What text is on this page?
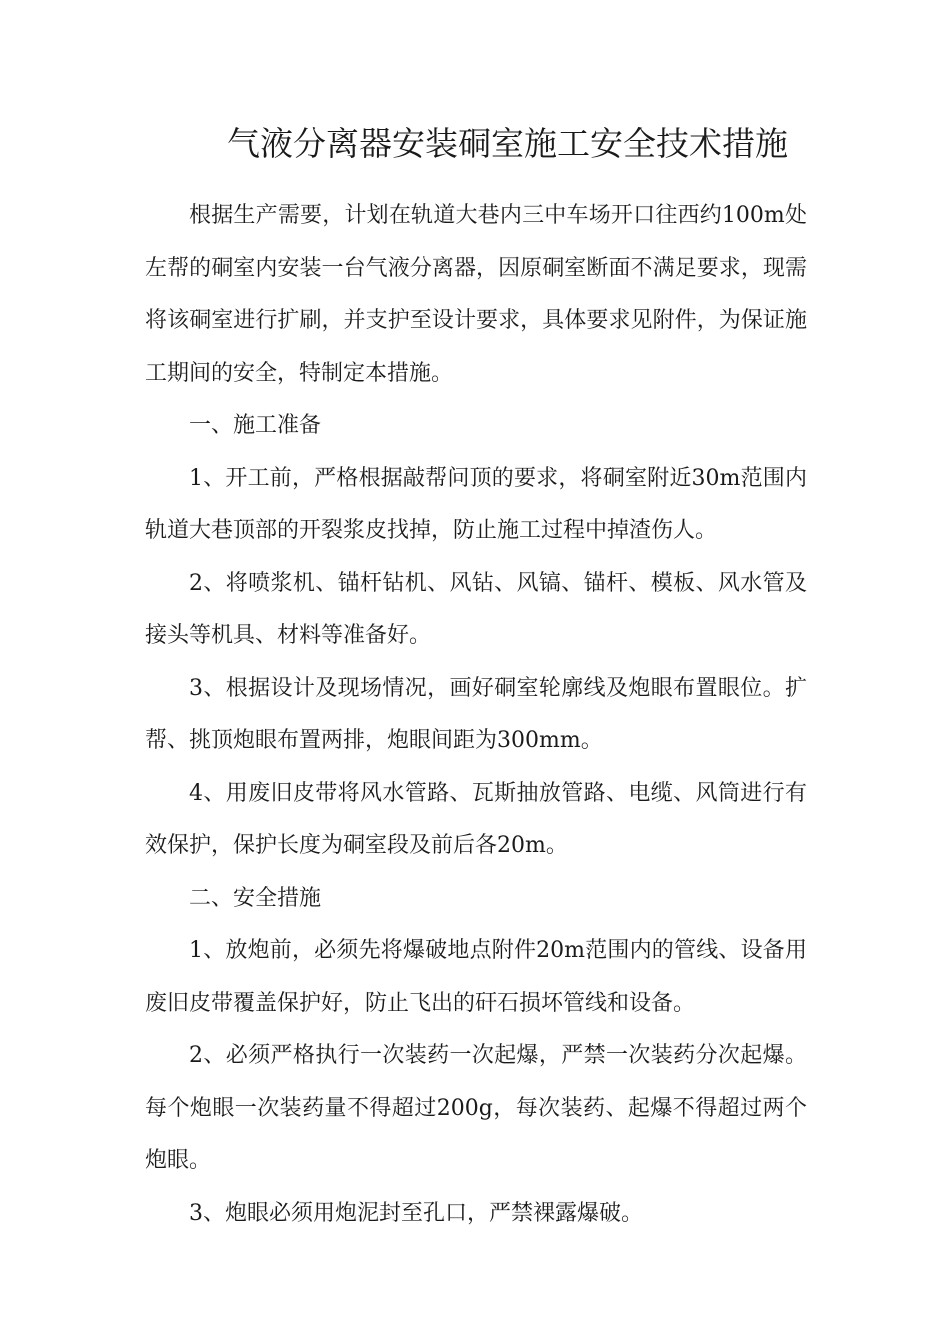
气液分离器安装硐室施工安全技术措施

根据生产需要，计划在轨道大巷内三中车场开口往西约100m处左帮的硐室内安装一台气液分离器，因原硐室断面不满足要求，现需将该硐室进行扩刷，并支护至设计要求，具体要求见附件，为保证施工期间的安全，特制定本措施。

一、施工准备

1、开工前，严格根据敲帮问顶的要求，将硐室附近30m范围内轨道大巷顶部的开裂浆皮找掉，防止施工过程中掉渣伤人。

2、将喷浆机、锚杆钻机、风钻、风镐、锚杆、模板、风水管及接头等机具、材料等准备好。

3、根据设计及现场情况，画好硐室轮廓线及炮眼布置眼位。扩帮、挑顶炮眼布置两排，炮眼间距为300mm。

4、用废旧皮带将风水管路、瓦斯抽放管路、电缆、风筒进行有效保护，保护长度为硐室段及前后各20m。

二、安全措施

1、放炮前，必须先将爆破地点附件20m范围内的管线、设备用废旧皮带覆盖保护好，防止飞出的矸石损坏管线和设备。

2、必须严格执行一次装药一次起爆，严禁一次装药分次起爆。每个炮眼一次装药量不得超过200g，每次装药、起爆不得超过两个炮眼。

3、炮眼必须用炮泥封至孔口，严禁裸露爆破。
